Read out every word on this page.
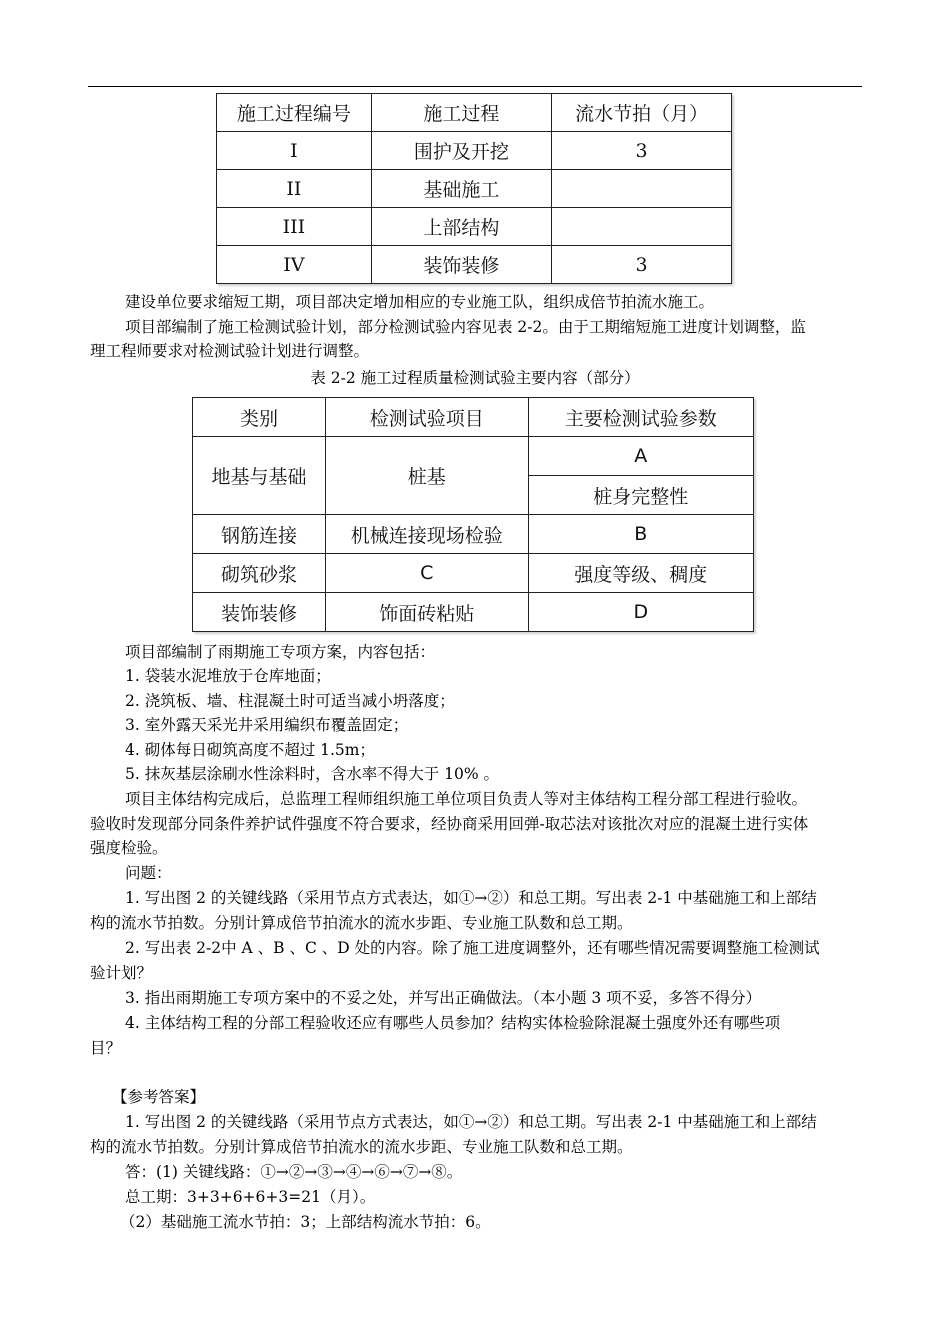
施工过程编号	施工过程	流水节拍（月）
I	围护及开挖	3
II	基础施工	
III	上部结构	
IV	装饰装修	3

建设单位要求缩短工期，项目部决定增加相应的专业施工队，组织成倍节拍流水施工。

项目部编制了施工检测试验计划，部分检测试验内容见表 2-2。由于工期缩短施工进度计划调整，监

理工程师要求对检测试验计划进行调整。

表 2-2 施工过程质量检测试验主要内容（部分）
类别	检测试验项目	主要检测试验参数
地基与基础	桩基	A
		桩身完整性
钢筋连接	机械连接现场检验	B
砌筑砂浆	C	强度等级、稠度
装饰装修	饰面砖粘贴	D

项目部编制了雨期施工专项方案，内容包括：

1. 袋装水泥堆放于仓库地面；

2. 浇筑板、墙、柱混凝土时可适当减小坍落度；

3. 室外露天采光井采用编织布覆盖固定；

4. 砌体每日砌筑高度不超过 1.5m；

5. 抹灰基层涂刷水性涂料时，含水率不得大于 10% 。

项目主体结构完成后，总监理工程师组织施工单位项目负责人等对主体结构工程分部工程进行验收。

验收时发现部分同条件养护试件强度不符合要求，经协商采用回弹-取芯法对该批次对应的混凝土进行实体

强度检验。

问题：

1. 写出图 2 的关键线路（采用节点方式表达，如①→②）和总工期。写出表 2-1 中基础施工和上部结

构的流水节拍数。分别计算成倍节拍流水的流水步距、专业施工队数和总工期。

2. 写出表 2-2中 A 、B 、C 、D 处的内容。除了施工进度调整外，还有哪些情况需要调整施工检测试

验计划？

3. 指出雨期施工专项方案中的不妥之处，并写出正确做法。（本小题 3 项不妥，多答不得分）

4. 主体结构工程的分部工程验收还应有哪些人员参加？结构实体检验除混凝土强度外还有哪些项

目？

【参考答案】

1. 写出图 2 的关键线路（采用节点方式表达，如①→②）和总工期。写出表 2-1 中基础施工和上部结

构的流水节拍数。分别计算成倍节拍流水的流水步距、专业施工队数和总工期。

答：(1) 关键线路：①→②→③→④→⑥→⑦→⑧。

总工期：3+3+6+6+3=21（月）。

（2）基础施工流水节拍：3；上部结构流水节拍：6。
